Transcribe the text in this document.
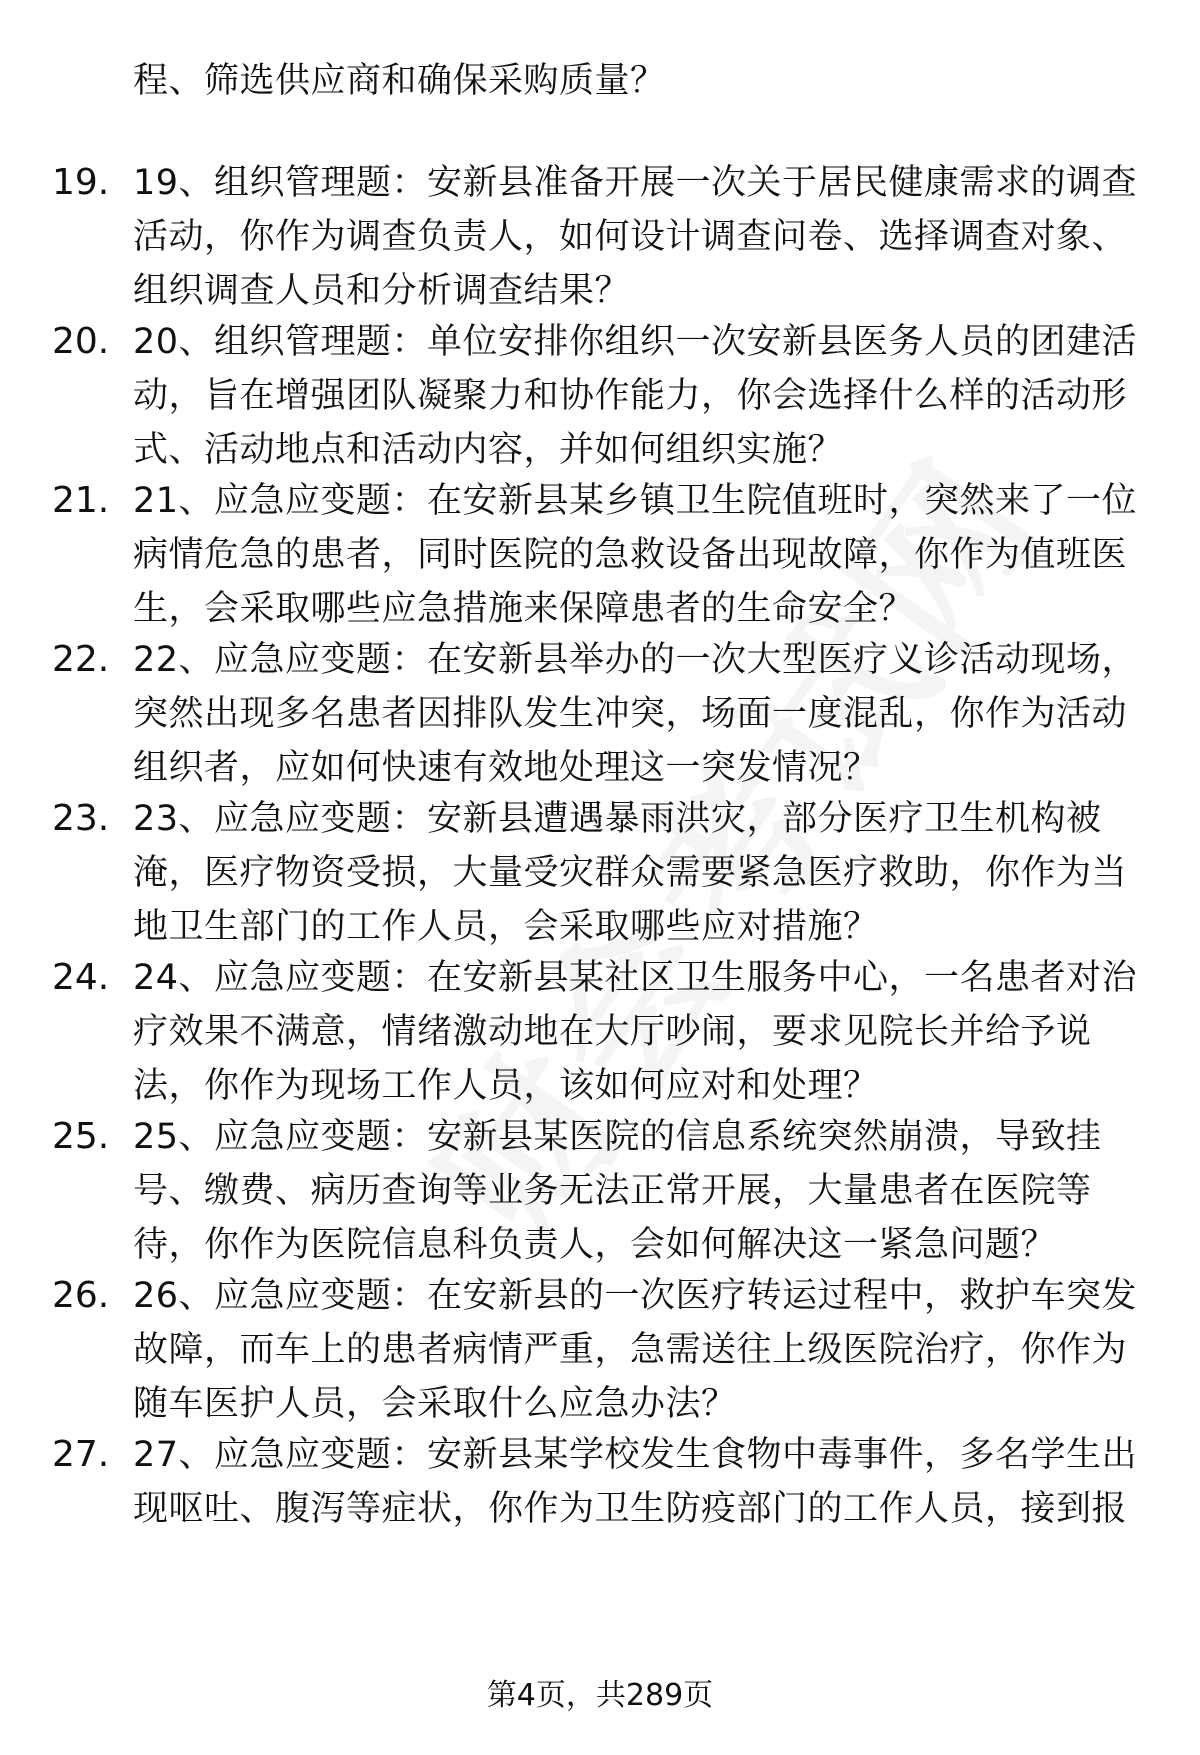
程、筛选供应商和确保采购质量？
19. 19、组织管理题：安新县准备开展一次关于居民健康需求的调查
活动，你作为调查负责人，如何设计调查问卷、选择调查对象、
组织调查人员和分析调查结果？
20. 20、组织管理题：单位安排你组织一次安新县医务人员的团建活
动，旨在增强团队凝聚力和协作能力，你会选择什么样的活动形
式、活动地点和活动内容，并如何组织实施？
21. 21、应急应变题：在安新县某乡镇卫生院值班时，突然来了一位
病情危急的患者，同时医院的急救设备出现故障，你作为值班医
生，会采取哪些应急措施来保障患者的生命安全？
22. 22、应急应变题：在安新县举办的一次大型医疗义诊活动现场，
突然出现多名患者因排队发生冲突，场面一度混乱，你作为活动
组织者，应如何快速有效地处理这一突发情况？
23. 23、应急应变题：安新县遭遇暴雨洪灾，部分医疗卫生机构被
淹，医疗物资受损，大量受灾群众需要紧急医疗救助，你作为当
地卫生部门的工作人员，会采取哪些应对措施？
24. 24、应急应变题：在安新县某社区卫生服务中心，一名患者对治
疗效果不满意，情绪激动地在大厅吵闹，要求见院长并给予说
法，你作为现场工作人员，该如何应对和处理？
25. 25、应急应变题：安新县某医院的信息系统突然崩溃，导致挂
号、缴费、病历查询等业务无法正常开展，大量患者在医院等
待，你作为医院信息科负责人，会如何解决这一紧急问题？
26. 26、应急应变题：在安新县的一次医疗转运过程中，救护车突发
故障，而车上的患者病情严重，急需送往上级医院治疗，你作为
随车医护人员，会采取什么应急办法？
27. 27、应急应变题：安新县某学校发生食物中毒事件，多名学生出
现呕吐、腹泻等症状，你作为卫生防疫部门的工作人员，接到报
第4页，共289页
